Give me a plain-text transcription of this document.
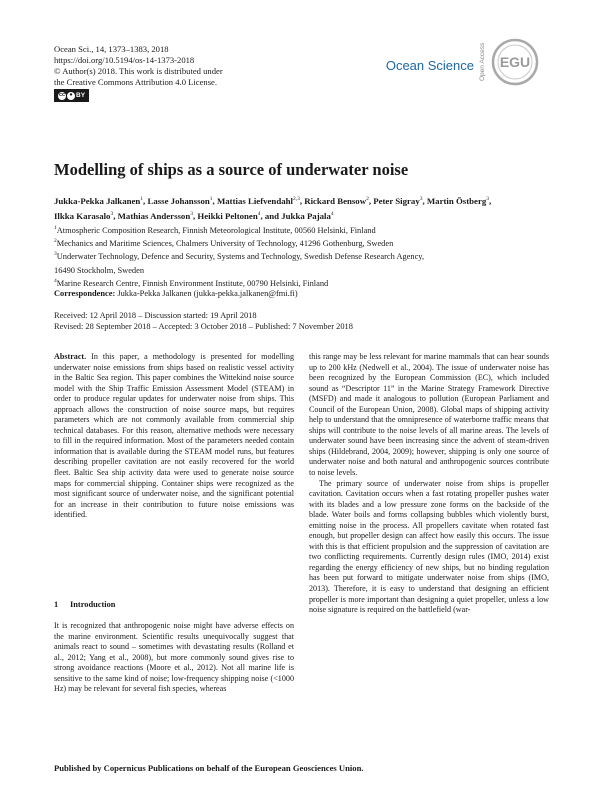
Ocean Sci., 14, 1373–1383, 2018
https://doi.org/10.5194/os-14-1373-2018
© Author(s) 2018. This work is distributed under
the Creative Commons Attribution 4.0 License.
cc ● BY
Ocean Science Open Access EGU
Modelling of ships as a source of underwater noise
Jukka-Pekka Jalkanen$^1$, Lasse Johansson$^1$, Mattias Liefvendahl$^{2,3}$, Rickard Bensow$^2$, Peter Sigray$^3$, Martin Östberg$^3$,
Ilkka Karasalo$^3$, Mathias Andersson$^3$, Heikki Peltonen$^4$, and Jukka Pajala$^4$
$^1$Atmospheric Composition Research, Finnish Meteorological Institute, 00560 Helsinki, Finland
$^2$Mechanics and Maritime Sciences, Chalmers University of Technology, 41296 Gothenburg, Sweden
$^3$Underwater Technology, Defence and Security, Systems and Technology, Swedish Defense Research Agency,
16490 Stockholm, Sweden
$^4$Marine Research Centre, Finnish Environment Institute, 00790 Helsinki, Finland
Correspondence: Jukka-Pekka Jalkanen (jukka-pekka.jalkanen@fmi.fi)
Received: 12 April 2018 – Discussion started: 19 April 2018
Revised: 28 September 2018 – Accepted: 3 October 2018 – Published: 7 November 2018

Abstract. In this paper, a methodology is presented for modelling underwater noise emissions from ships based on realistic vessel activity in the Baltic Sea region. This paper combines the Wittekind noise source model with the Ship Traffic Emission Assessment Model (STEAM) in order to produce regular updates for underwater noise from ships. This approach allows the construction of noise source maps, but requires parameters which are not commonly available from commercial ship technical databases. For this reason, alternative methods were necessary to fill in the required information. Most of the parameters needed contain information that is available during the STEAM model runs, but features describing propeller cavitation are not easily recovered for the world fleet. Baltic Sea ship activity data were used to generate noise source maps for commercial shipping. Container ships were recognized as the most significant source of underwater noise, and the significant potential for an increase in their contribution to future noise emissions was identified.

1 Introduction

It is recognized that anthropogenic noise might have adverse effects on the marine environment. Scientific results unequivocally suggest that animals react to sound – sometimes with devastating results (Rolland et al., 2012; Yang et al., 2008), but more commonly sound gives rise to strong avoidance reactions (Moore et al., 2012). Not all marine life is sensitive to the same kind of noise; low-frequency shipping noise (<1000 Hz) may be relevant for several fish species, whereas

this range may be less relevant for marine mammals that can hear sounds up to 200 kHz (Nedwell et al., 2004). The issue of underwater noise has been recognized by the European Commission (EC), which included sound as “Descriptor 11” in the Marine Strategy Framework Directive (MSFD) and made it analogous to pollution (European Parliament and Council of the European Union, 2008). Global maps of shipping activity help to understand that the omnipresence of waterborne traffic means that ships will contribute to the noise levels of all marine areas. The levels of underwater sound have been increasing since the advent of steam-driven ships (Hildebrand, 2004, 2009); however, shipping is only one source of underwater noise and both natural and anthropogenic sources contribute to noise levels.

The primary source of underwater noise from ships is propeller cavitation. Cavitation occurs when a fast rotating propeller pushes water with its blades and a low pressure zone forms on the backside of the blade. Water boils and forms collapsing bubbles which violently burst, emitting noise in the process. All propellers cavitate when rotated fast enough, but propeller design can affect how easily this occurs. The issue with this is that efficient propulsion and the suppression of cavitation are two conflicting requirements. Currently design rules (IMO, 2014) exist regarding the energy efficiency of new ships, but no binding regulation has been put forward to mitigate underwater noise from ships (IMO, 2013). Therefore, it is easy to understand that designing an efficient propeller is more important than designing a quiet propeller, unless a low noise signature is required on the battlefield (war-

Published by Copernicus Publications on behalf of the European Geosciences Union.
